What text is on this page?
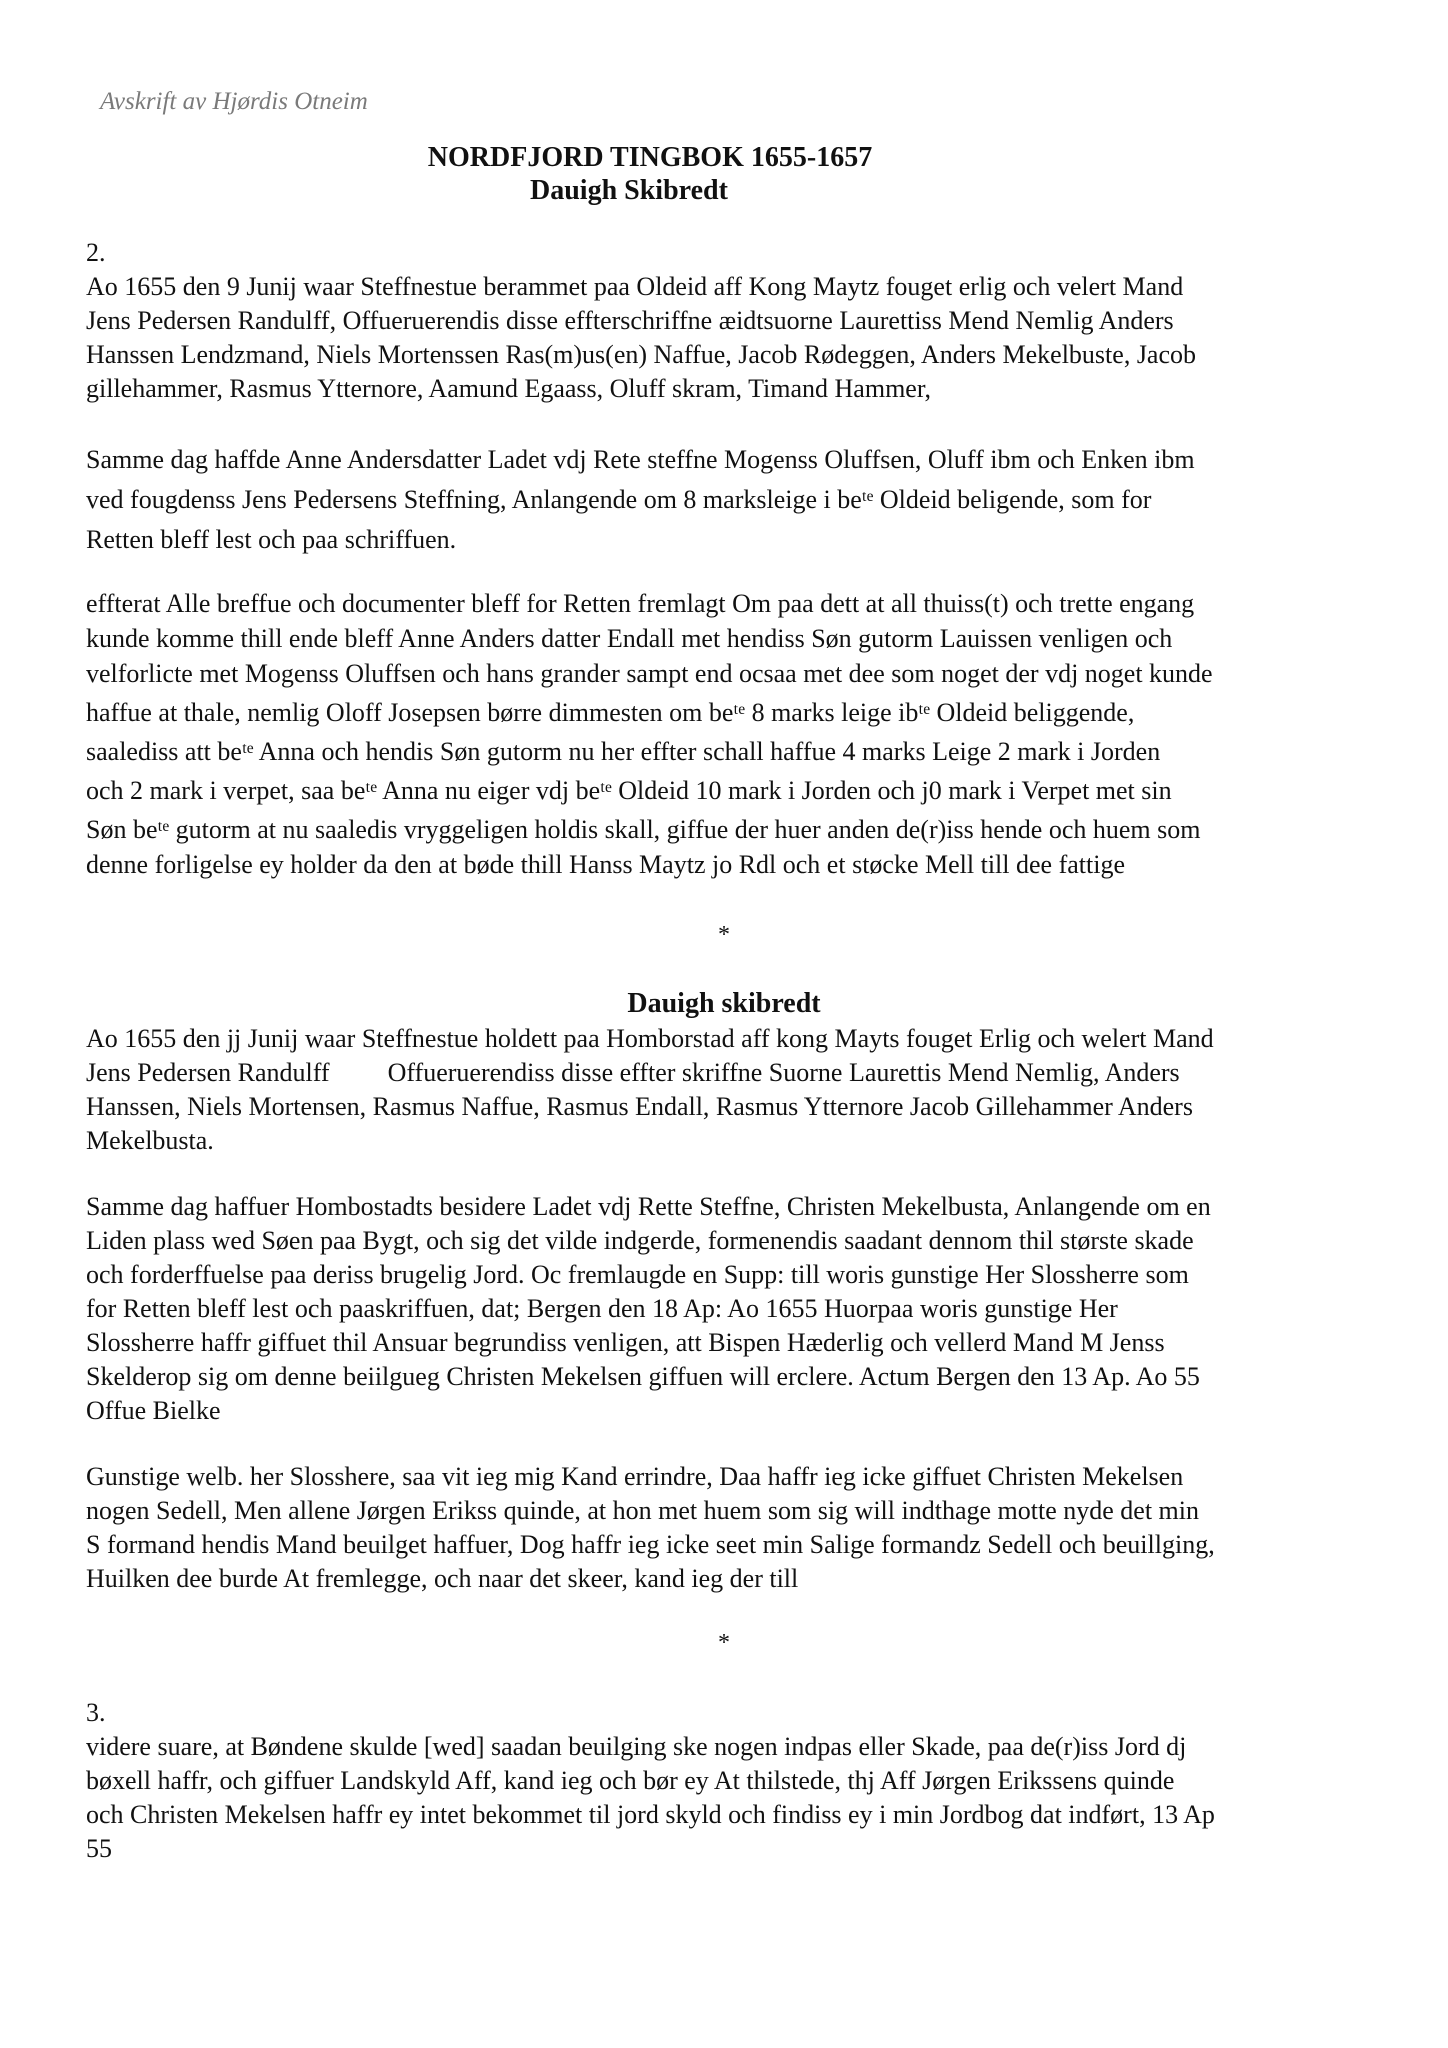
Avskrift av Hjørdis Otneim
NORDFJORD TINGBOK 1655-1657
Dauigh Skibredt
2.
Ao 1655 den 9 Junij waar Steffnestue berammet paa Oldeid aff Kong Maytz fouget erlig och velert Mand
Jens Pedersen Randulff, Offueruerendis disse effterschriffne æidtsuorne Laurettiss Mend Nemlig Anders
Hanssen Lendzmand, Niels Mortenssen Ras(m)us(en) Naffue, Jacob Rødeggen, Anders Mekelbuste, Jacob
gillehammer, Rasmus Ytternore, Aamund Egaass, Oluff skram, Timand Hammer,
Samme dag haffde Anne Andersdatter Ladet vdj Rete steffne Mogenss Oluffsen, Oluff ibm och Enken ibm
ved fougdenss Jens Pedersens Steffning, Anlangende om 8 marksleige i beᵗᵉ Oldeid beligende, som for
Retten bleff lest och paa schriffuen.
effterat Alle breffue och documenter bleff for Retten fremlagt Om paa dett at all thuiss(t) och trette engang
kunde komme thill ende bleff Anne Anders datter Endall met hendiss Søn gutorm Lauissen venligen och
velforlicte met Mogenss Oluffsen och hans grander sampt end ocsaa met dee som noget der vdj noget kunde
haffue at thale, nemlig Oloff Josepsen børre dimmesten om beᵗᵉ 8 marks leige ibᵗᵉ Oldeid beliggende,
saalediss att beᵗᵉ Anna och hendis Søn gutorm nu her effter schall haffue 4 marks Leige 2 mark i Jorden
och 2 mark i verpet, saa beᵗᵉ Anna nu eiger vdj beᵗᵉ Oldeid 10 mark i Jorden och j0 mark i Verpet met sin
Søn beᵗᵉ gutorm at nu saaledis vryggeligen holdis skall, giffue der huer anden de(r)iss hende och huem som
denne forligelse ey holder da den at bøde thill Hanss Maytz jo Rdl och et støcke Mell till dee fattige
*
Dauigh skibredt
Ao 1655 den jj Junij waar Steffnestue holdett paa Homborstad aff kong Mayts fouget Erlig och welert Mand
Jens Pedersen Randulff Offueruerendiss disse effter skriffne Suorne Laurettis Mend Nemlig, Anders
Hanssen, Niels Mortensen, Rasmus Naffue, Rasmus Endall, Rasmus Ytternore Jacob Gillehammer Anders
Mekelbusta.
Samme dag haffuer Hombostadts besidere Ladet vdj Rette Steffne, Christen Mekelbusta, Anlangende om en
Liden plass wed Søen paa Bygt, och sig det vilde indgerde, formenendis saadant dennom thil største skade
och forderffuelse paa deriss brugelig Jord. Oc fremlaugde en Supp: till woris gunstige Her Slossherre som
for Retten bleff lest och paaskriffuen, dat; Bergen den 18 Ap: Ao 1655 Huorpaa woris gunstige Her
Slossherre haffr giffuet thil Ansuar begrundiss venligen, att Bispen Hæderlig och vellerd Mand M Jenss
Skelderop sig om denne beiilgueg Christen Mekelsen giffuen will erclere. Actum Bergen den 13 Ap. Ao 55
Offue Bielke
Gunstige welb. her Slosshere, saa vit ieg mig Kand errindre, Daa haffr ieg icke giffuet Christen Mekelsen
nogen Sedell, Men allene Jørgen Erikss quinde, at hon met huem som sig will indthage motte nyde det min
S formand hendis Mand beuilget haffuer, Dog haffr ieg icke seet min Salige formandz Sedell och beuillging,
Huilken dee burde At fremlegge, och naar det skeer, kand ieg der till
*
3.
videre suare, at Bøndene skulde [wed] saadan beuilging ske nogen indpas eller Skade, paa de(r)iss Jord dj
bøxell haffr, och giffuer Landskyld Aff, kand ieg och bør ey At thilstede, thj Aff Jørgen Erikssens quinde
och Christen Mekelsen haffr ey intet bekommet til jord skyld och findiss ey i min Jordbog dat indført, 13 Ap
55
